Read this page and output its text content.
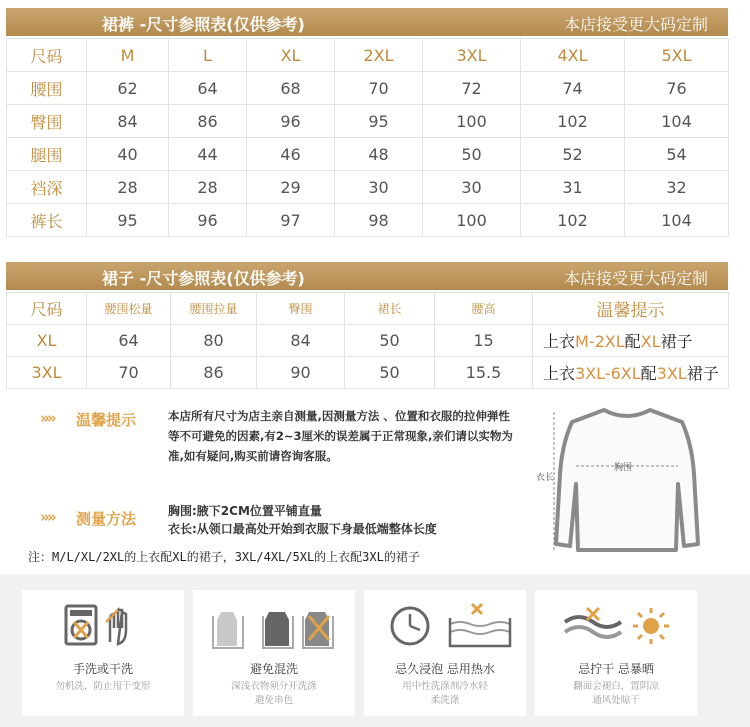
裙裤 -尺寸参照表(仅供参考)	本店接受更大码定制
尺码	M	L	XL	2XL	3XL	4XL	5XL
腰围	62	64	68	70	72	74	76
臀围	84	86	96	95	100	102	104
腿围	40	44	46	48	50	52	54
裆深	28	28	29	30	30	31	32
裤长	95	96	97	98	100	102	104
裙子 -尺寸参照表(仅供参考)	本店接受更大码定制
尺码	腰围松量	腰围拉量	臀围	裙长	腰高	温馨提示
XL	64	80	84	50	15	上衣M-2XL配XL裙子
3XL	70	86	90	50	15.5	上衣3XL-6XL配3XL裙子
» » 温馨提示	本店所有尺寸为店主亲自测量,因测量方法 、位置和衣服的拉伸弹性等不可避免的因素,有2~3厘米的误差属于正常现象,亲们请以实物为准,如有疑问,购买前请咨询客服。
» » 测量方法	胸围:腋下2CM位置平铺直量
衣长:从领口最高处开始到衣服下身最低端整体长度
胸围
衣长
注：M/L/XL/2XL的上衣配XL的裙子，3XL/4XL/5XL的上衣配3XL的裙子
手洗或干洗
勿机洗，防止甩干变形
避免混洗
深浅衣物须分开洗涤
避免串色
忌久浸泡 忌用热水
用中性洗涤剂冷水轻
柔洗涤
忌拧干 忌暴晒
翻面会褪白，置阴凉
通风处晾干
